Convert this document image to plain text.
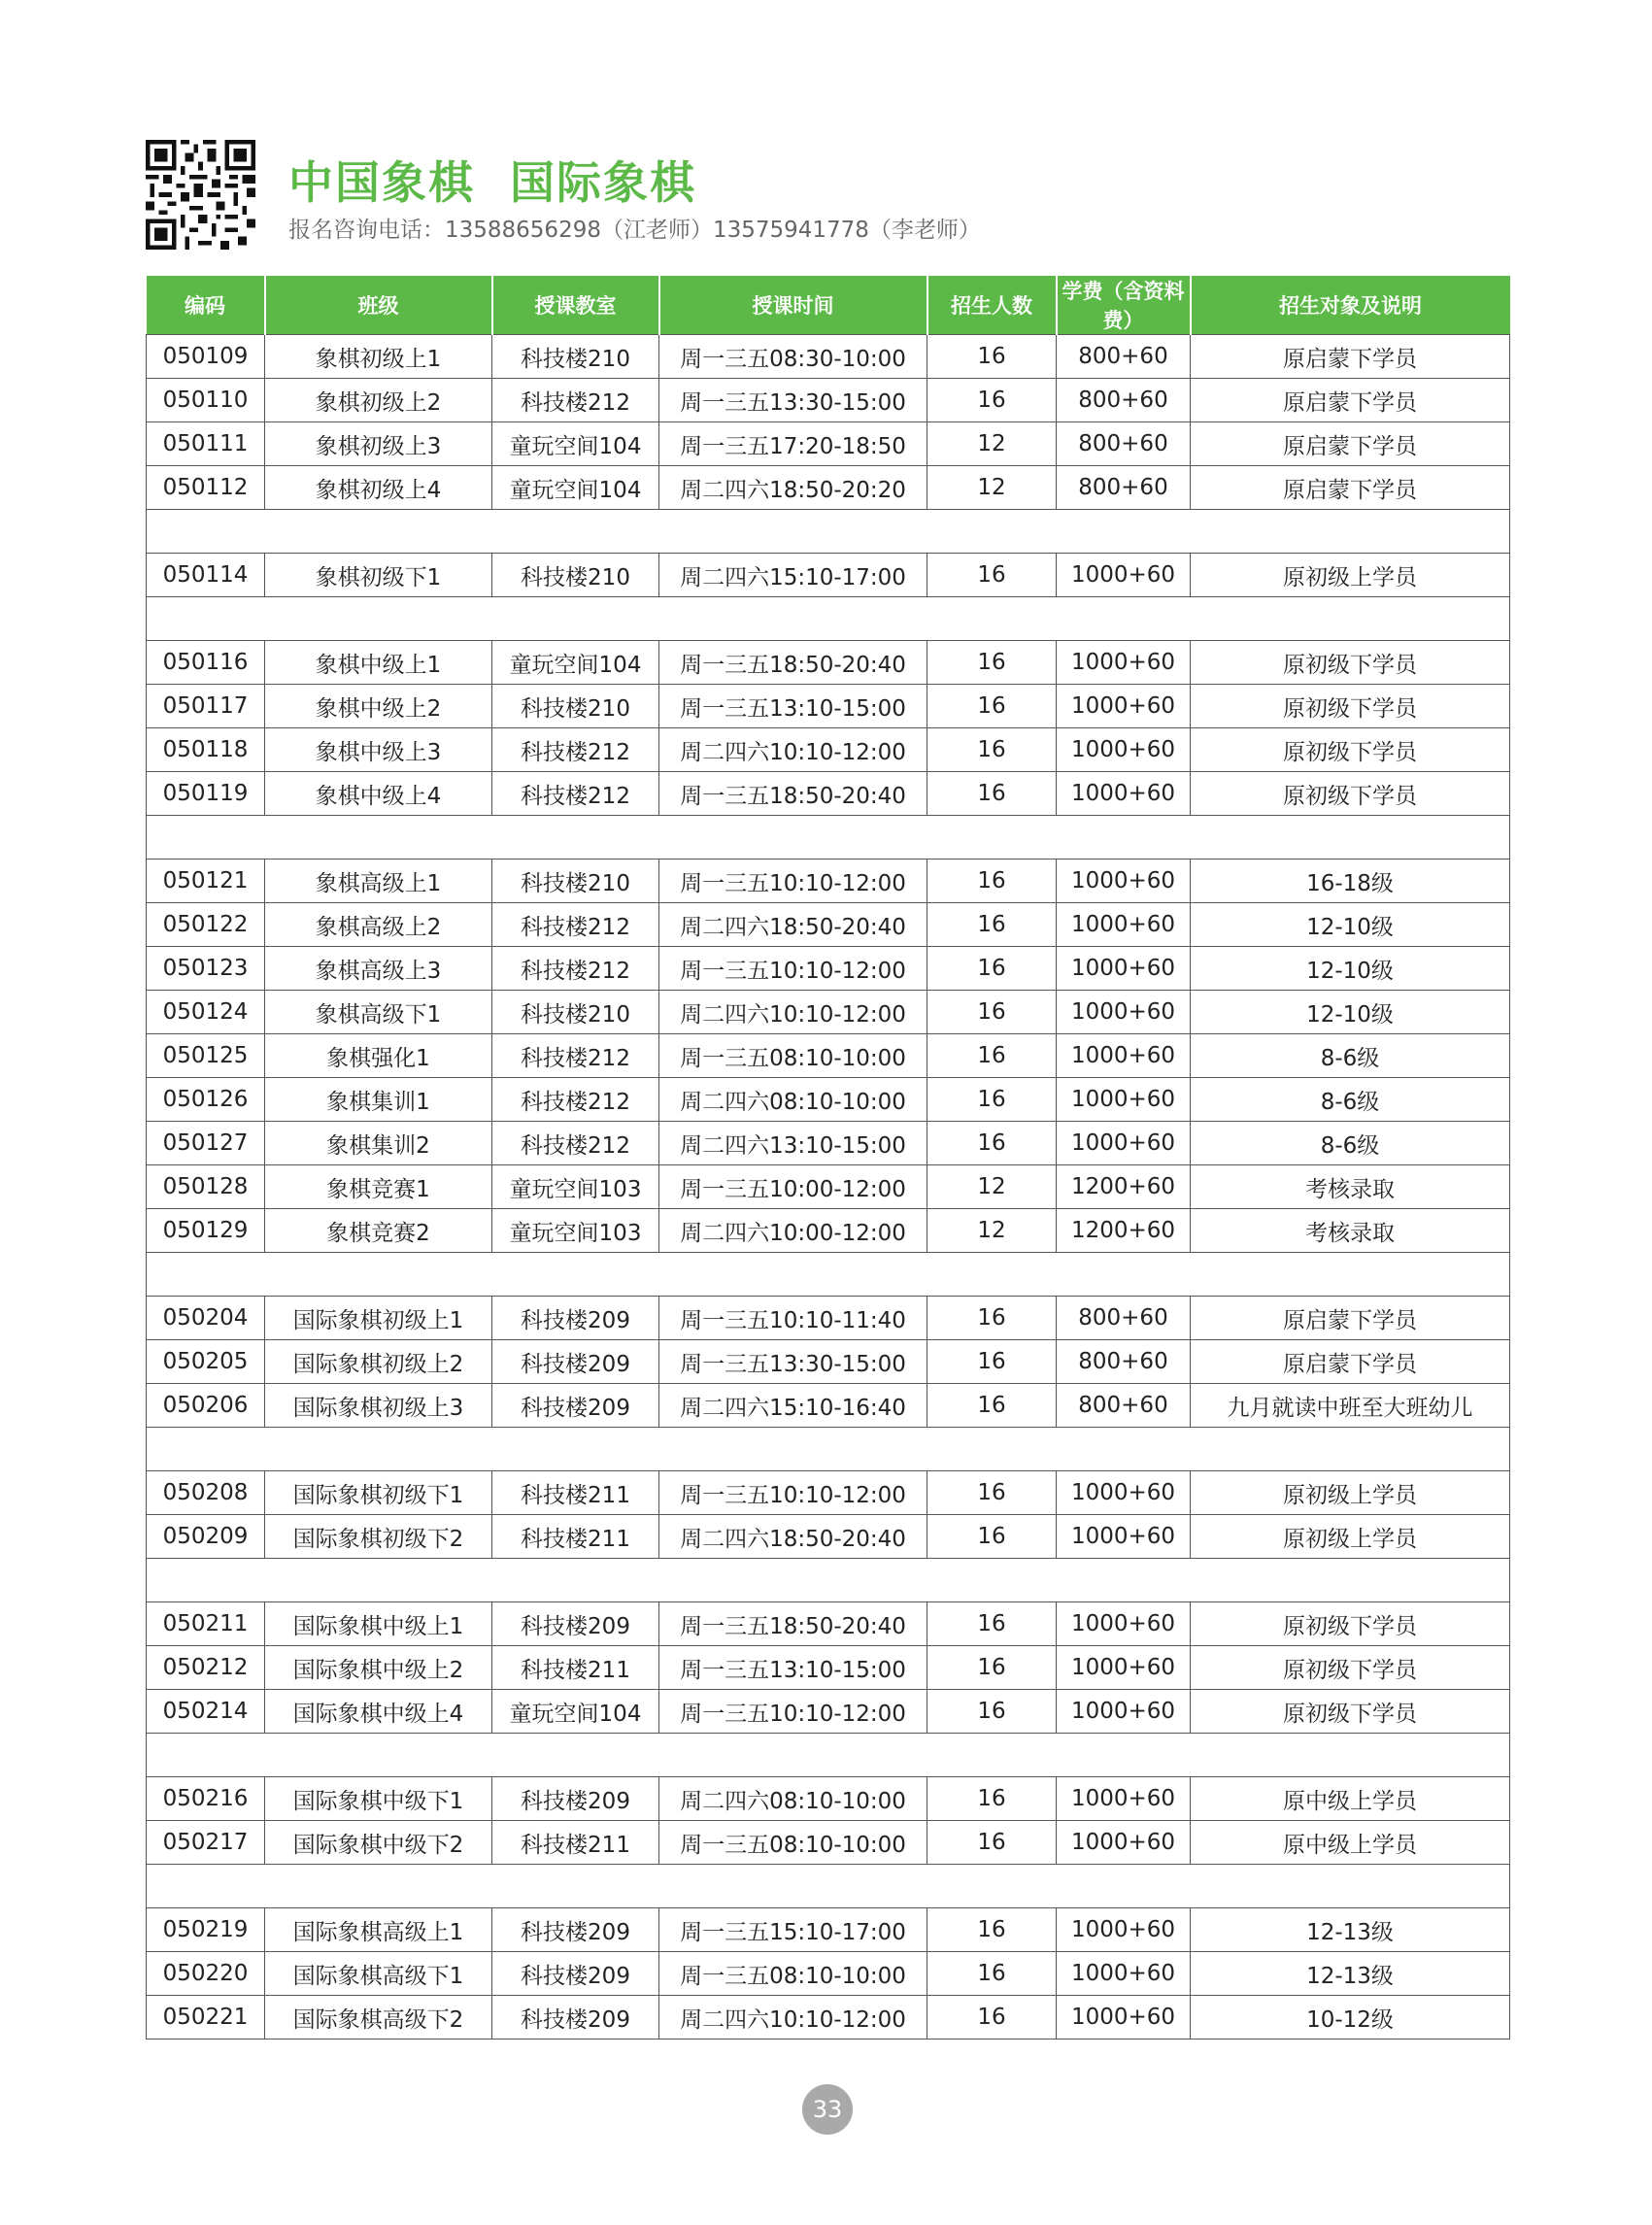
中国象棋  国际象棋
报名咨询电话：13588656298（江老师）13575941778（李老师）
编码	班级	授课教室	授课时间	招生人数	学费（含资料费）	招生对象及说明
050109	象棋初级上1	科技楼210	周一三五08:30-10:00	16	800+60	原启蒙下学员
050110	象棋初级上2	科技楼212	周一三五13:30-15:00	16	800+60	原启蒙下学员
050111	象棋初级上3	童玩空间104	周一三五17:20-18:50	12	800+60	原启蒙下学员
050112	象棋初级上4	童玩空间104	周二四六18:50-20:20	12	800+60	原启蒙下学员

050114	象棋初级下1	科技楼210	周二四六15:10-17:00	16	1000+60	原初级上学员

050116	象棋中级上1	童玩空间104	周一三五18:50-20:40	16	1000+60	原初级下学员
050117	象棋中级上2	科技楼210	周一三五13:10-15:00	16	1000+60	原初级下学员
050118	象棋中级上3	科技楼212	周二四六10:10-12:00	16	1000+60	原初级下学员
050119	象棋中级上4	科技楼212	周一三五18:50-20:40	16	1000+60	原初级下学员

050121	象棋高级上1	科技楼210	周一三五10:10-12:00	16	1000+60	16-18级
050122	象棋高级上2	科技楼212	周二四六18:50-20:40	16	1000+60	12-10级
050123	象棋高级上3	科技楼212	周一三五10:10-12:00	16	1000+60	12-10级
050124	象棋高级下1	科技楼210	周二四六10:10-12:00	16	1000+60	12-10级
050125	象棋强化1	科技楼212	周一三五08:10-10:00	16	1000+60	8-6级
050126	象棋集训1	科技楼212	周二四六08:10-10:00	16	1000+60	8-6级
050127	象棋集训2	科技楼212	周二四六13:10-15:00	16	1000+60	8-6级
050128	象棋竞赛1	童玩空间103	周一三五10:00-12:00	12	1200+60	考核录取
050129	象棋竞赛2	童玩空间103	周二四六10:00-12:00	12	1200+60	考核录取

050204	国际象棋初级上1	科技楼209	周一三五10:10-11:40	16	800+60	原启蒙下学员
050205	国际象棋初级上2	科技楼209	周一三五13:30-15:00	16	800+60	原启蒙下学员
050206	国际象棋初级上3	科技楼209	周二四六15:10-16:40	16	800+60	九月就读中班至大班幼儿

050208	国际象棋初级下1	科技楼211	周一三五10:10-12:00	16	1000+60	原初级上学员
050209	国际象棋初级下2	科技楼211	周二四六18:50-20:40	16	1000+60	原初级上学员

050211	国际象棋中级上1	科技楼209	周一三五18:50-20:40	16	1000+60	原初级下学员
050212	国际象棋中级上2	科技楼211	周一三五13:10-15:00	16	1000+60	原初级下学员
050214	国际象棋中级上4	童玩空间104	周一三五10:10-12:00	16	1000+60	原初级下学员

050216	国际象棋中级下1	科技楼209	周二四六08:10-10:00	16	1000+60	原中级上学员
050217	国际象棋中级下2	科技楼211	周一三五08:10-10:00	16	1000+60	原中级上学员

050219	国际象棋高级上1	科技楼209	周一三五15:10-17:00	16	1000+60	12-13级
050220	国际象棋高级下1	科技楼209	周一三五08:10-10:00	16	1000+60	12-13级
050221	国际象棋高级下2	科技楼209	周二四六10:10-12:00	16	1000+60	10-12级
33
